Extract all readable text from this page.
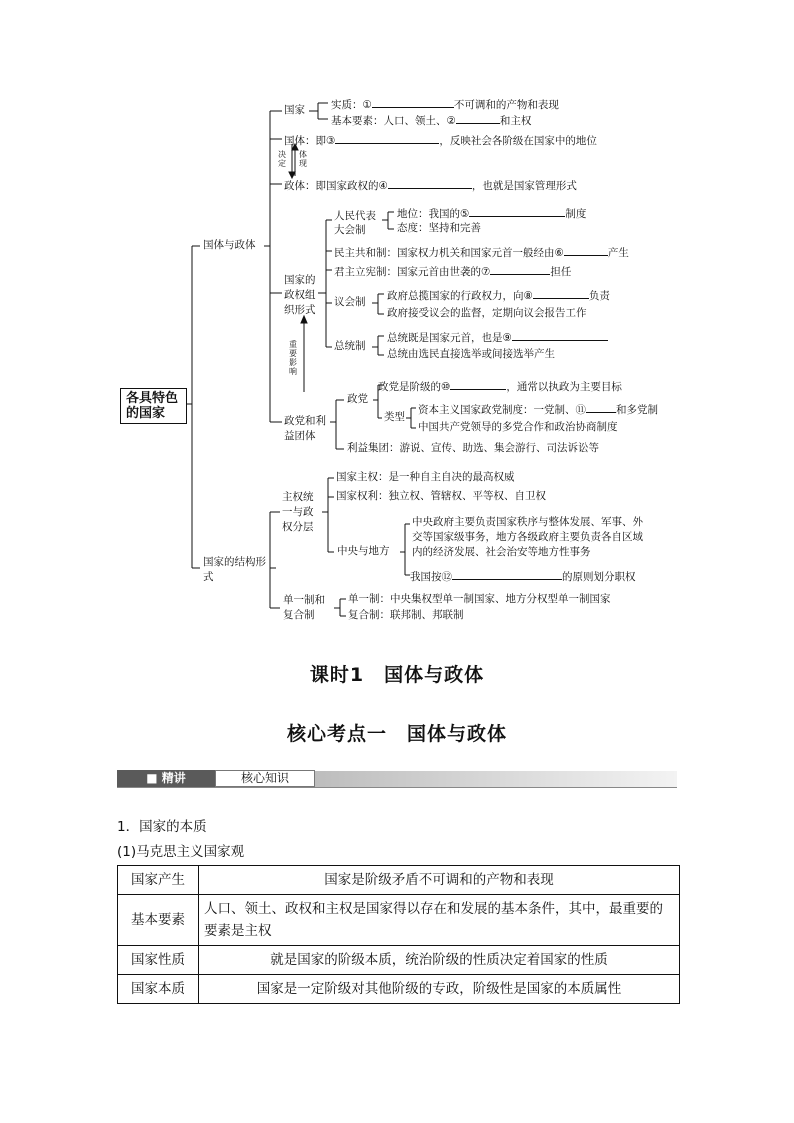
各具特色的国家
国体与政体
国家的结构形式
国家 实质：①	不可调和的产物和表现
基本要素：人口、领土、②	和主权
国体：即③	，反映社会各阶级在国家中的地位
决定
体现
政体：即国家政权的④	，也就是国家管理形式
国家的政权组织形式
人民代表大会制
地位：我国的⑤	制度
态度：坚持和完善
民主共和制：国家权力机关和国家元首一般经由⑥	产生
君主立宪制：国家元首由世袭的⑦	担任
议会制 政府总揽国家的行政权力，向⑧	负责
政府接受议会的监督，定期向议会报告工作
总统制
总统既是国家元首，也是⑨
总统由选民直接选举或间接选举产生
重要影响
政党和利益团体
政党
政党是阶级的⑩	，通常以执政为主要目标
类型
资本主义国家政党制度：一党制、⑪	和多党制
中国共产党领导的多党合作和政治协商制度
利益集团：游说、宣传、助选、集会游行、司法诉讼等
主权统一与政权分层
国家主权：是一种自主自决的最高权威
国家权利：独立权、管辖权、平等权、自卫权
中央与地方
中央政府主要负责国家秩序与整体发展、军事、外
交等国家级事务，地方各级政府主要负责各自区域
内的经济发展、社会治安等地方性事务
我国按⑫	的原则划分职权
单一制和复合制
单一制：中央集权型单一制国家、地方分权型单一制国家
复合制：联邦制、邦联制
课时1　国体与政体
核心考点一　国体与政体
■ 精讲	核心知识
1．国家的本质
(1)马克思主义国家观
国家产生	国家是阶级矛盾不可调和的产物和表现
基本要素	人口、领土、政权和主权是国家得以存在和发展的基本条件，其中，最重要的要素是主权
国家性质	就是国家的阶级本质，统治阶级的性质决定着国家的性质
国家本质	国家是一定阶级对其他阶级的专政，阶级性是国家的本质属性
